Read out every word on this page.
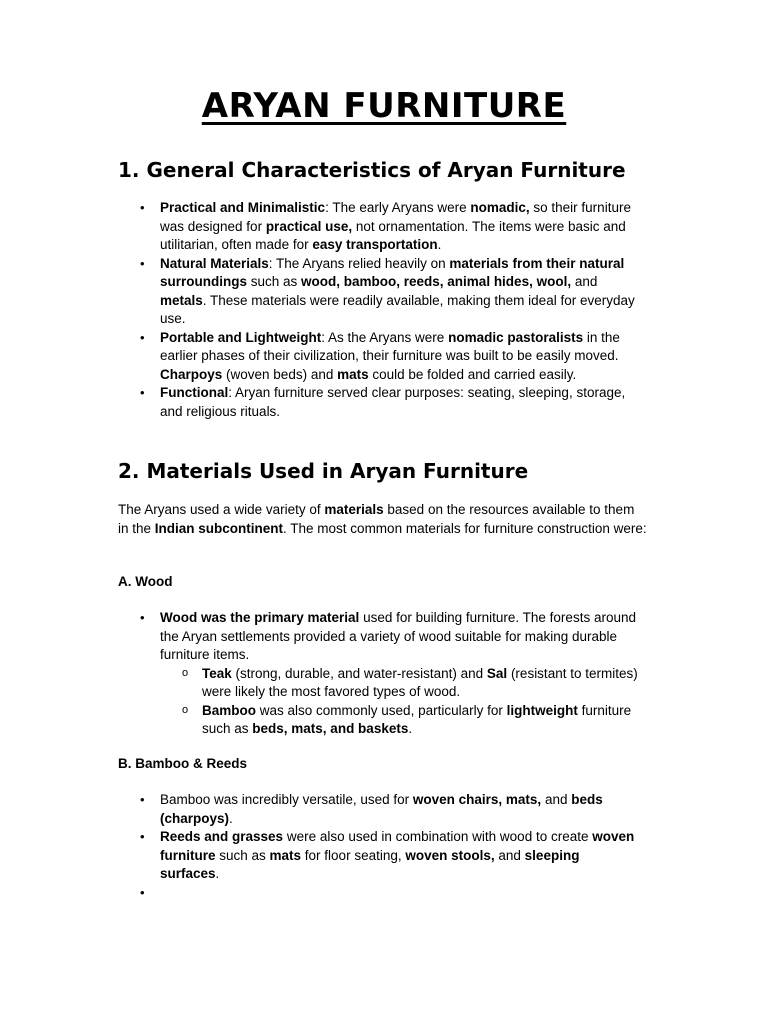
ARYAN FURNITURE
1. General Characteristics of Aryan Furniture
• Practical and Minimalistic: The early Aryans were nomadic, so their furniture was designed for practical use, not ornamentation. The items were basic and utilitarian, often made for easy transportation.
• Natural Materials: The Aryans relied heavily on materials from their natural surroundings such as wood, bamboo, reeds, animal hides, wool, and metals. These materials were readily available, making them ideal for everyday use.
• Portable and Lightweight: As the Aryans were nomadic pastoralists in the earlier phases of their civilization, their furniture was built to be easily moved. Charpoys (woven beds) and mats could be folded and carried easily.
• Functional: Aryan furniture served clear purposes: seating, sleeping, storage, and religious rituals.
2. Materials Used in Aryan Furniture

The Aryans used a wide variety of materials based on the resources available to them in the Indian subcontinent. The most common materials for furniture construction were:

A. Wood
• Wood was the primary material used for building furniture. The forests around the Aryan settlements provided a variety of wood suitable for making durable furniture items.
o Teak (strong, durable, and water-resistant) and Sal (resistant to termites) were likely the most favored types of wood.
o Bamboo was also commonly used, particularly for lightweight furniture such as beds, mats, and baskets.
B. Bamboo & Reeds
• Bamboo was incredibly versatile, used for woven chairs, mats, and beds (charpoys).
• Reeds and grasses were also used in combination with wood to create woven furniture such as mats for floor seating, woven stools, and sleeping surfaces.
•
